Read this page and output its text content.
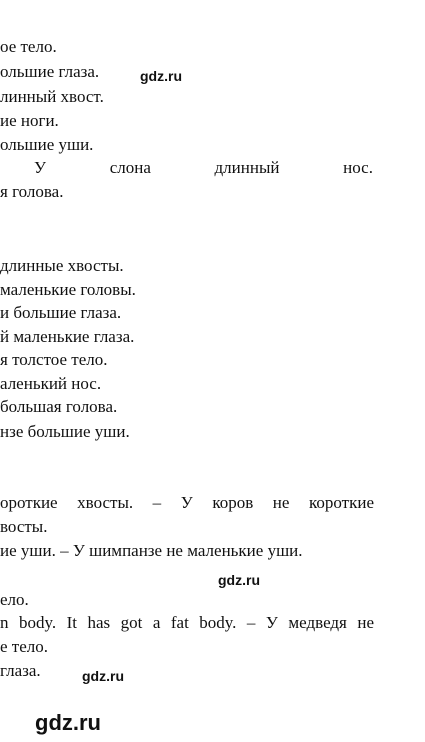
ое тело.
ольшие глаза.
линный хвост.
ие ноги.
ольшие уши.
У	слона	длинный	нос.
я голова.
длинные хвосты.
маленькие головы.
и большие глаза.
й маленькие глаза.
я толстое тело.
аленький нос.
большая голова.
нзе большие уши.
ороткие хвосты. – У коров не короткие
восты.
ие уши. – У шимпанзе не маленькие уши.
ело.
n body. It has got a fat body. – У медведя не
е тело.
глаза.
gdz.ru
gdz.ru
gdz.ru
gdz.ru
